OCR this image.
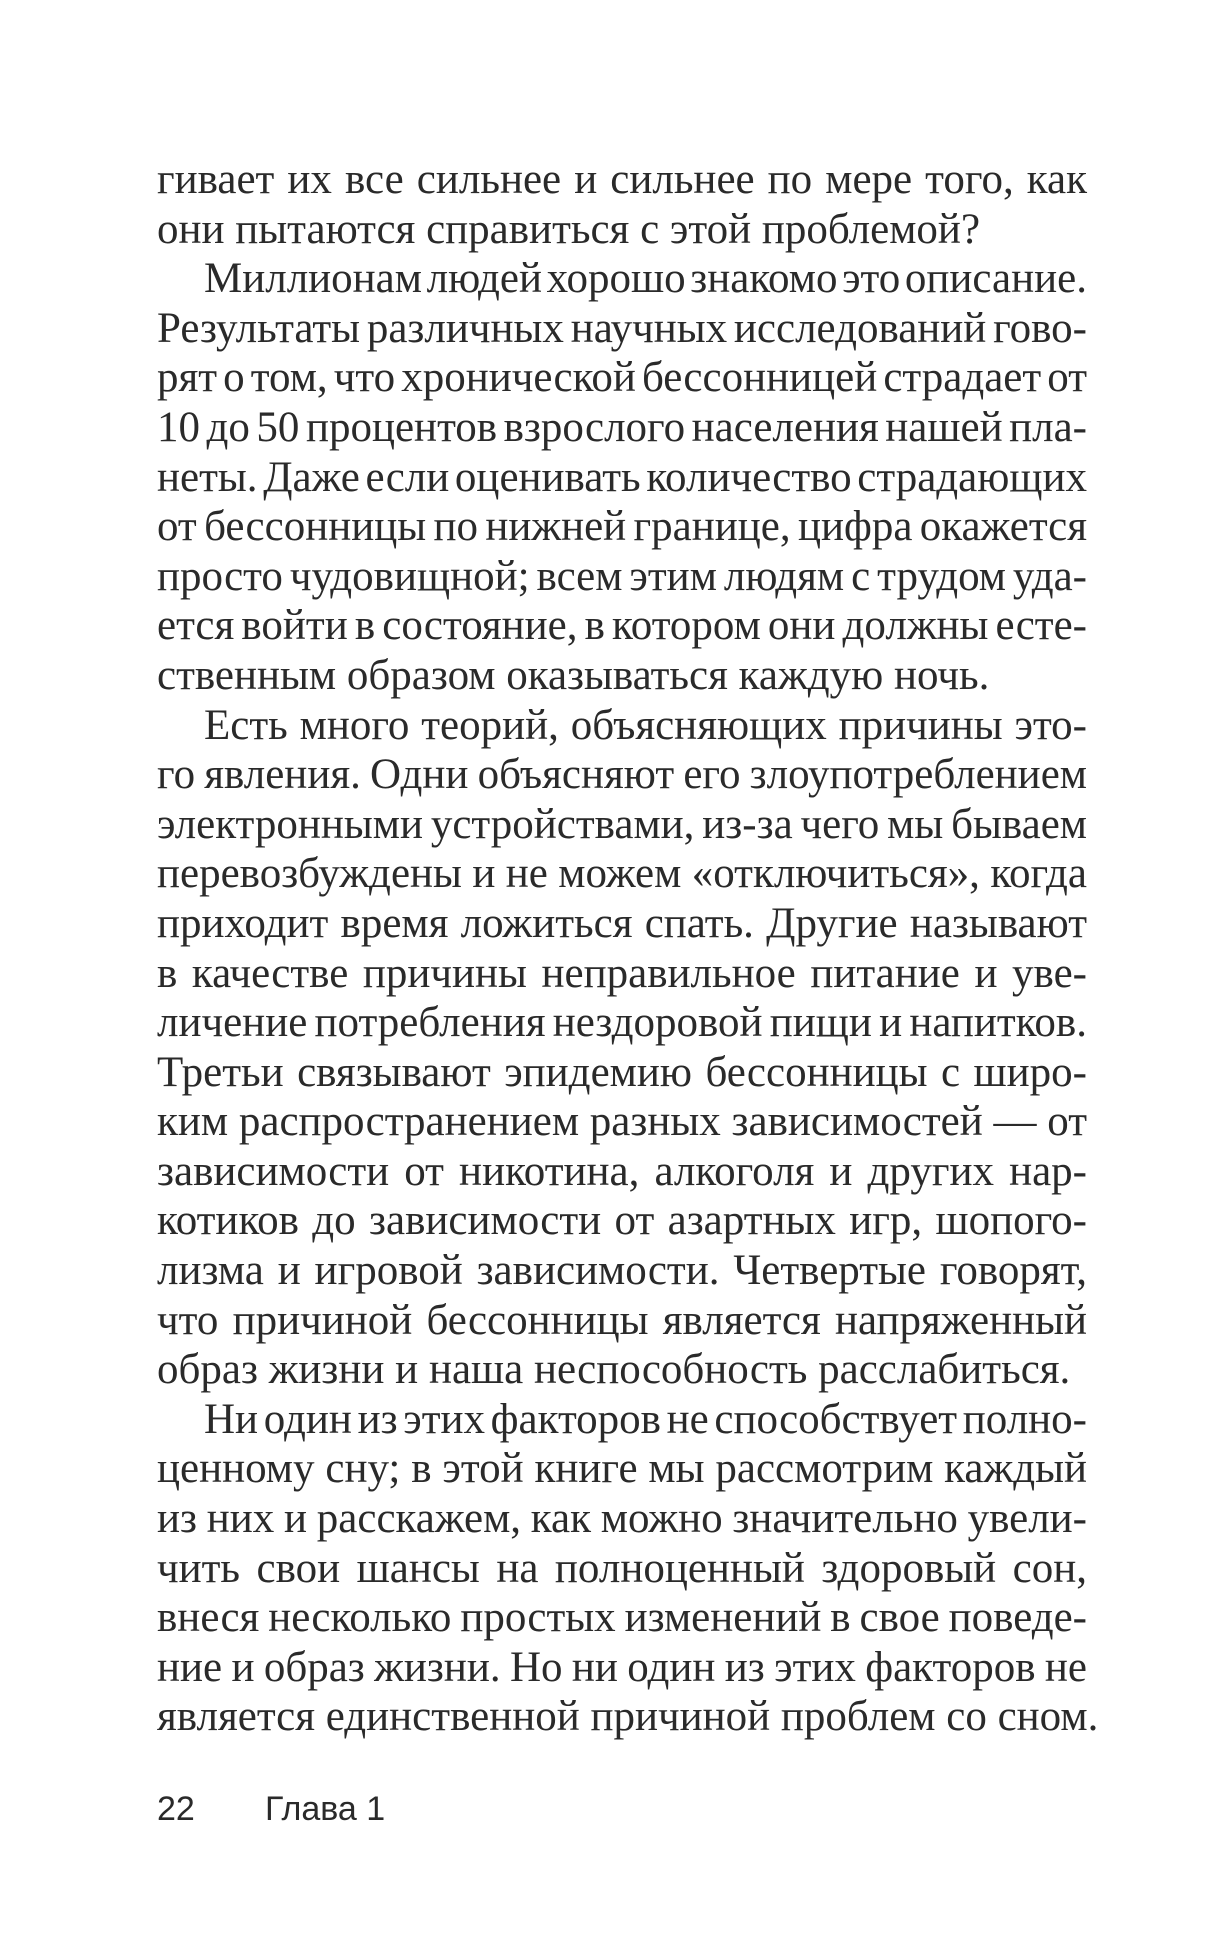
гивает их все сильнее и сильнее по мере того, как
они пытаются справиться с этой проблемой?
Миллионам людей хорошо знакомо это описание.
Результаты различных научных исследований гово-
рят о том, что хронической бессонницей страдает от
10 до 50 процентов взрослого населения нашей пла-
неты. Даже если оценивать количество страдающих
от бессонницы по нижней границе, цифра окажется
просто чудовищной; всем этим людям с трудом уда-
ется войти в состояние, в котором они должны есте-
ственным образом оказываться каждую ночь.
Есть много теорий, объясняющих причины это-
го явления. Одни объясняют его злоупотреблением
электронными устройствами, из-за чего мы бываем
перевозбуждены и не можем «отключиться», когда
приходит время ложиться спать. Другие называют
в качестве причины неправильное питание и уве-
личение потребления нездоровой пищи и напитков.
Третьи связывают эпидемию бессонницы с широ-
ким распространением разных зависимостей — от
зависимости от никотина, алкоголя и других нар-
котиков до зависимости от азартных игр, шопого-
лизма и игровой зависимости. Четвертые говорят,
что причиной бессонницы является напряженный
образ жизни и наша неспособность расслабиться.
Ни один из этих факторов не способствует полно-
ценному сну; в этой книге мы рассмотрим каждый
из них и расскажем, как можно значительно увели-
чить свои шансы на полноценный здоровый сон,
внеся несколько простых изменений в свое поведе-
ние и образ жизни. Но ни один из этих факторов не
является единственной причиной проблем со сном.
22 Глава 1
